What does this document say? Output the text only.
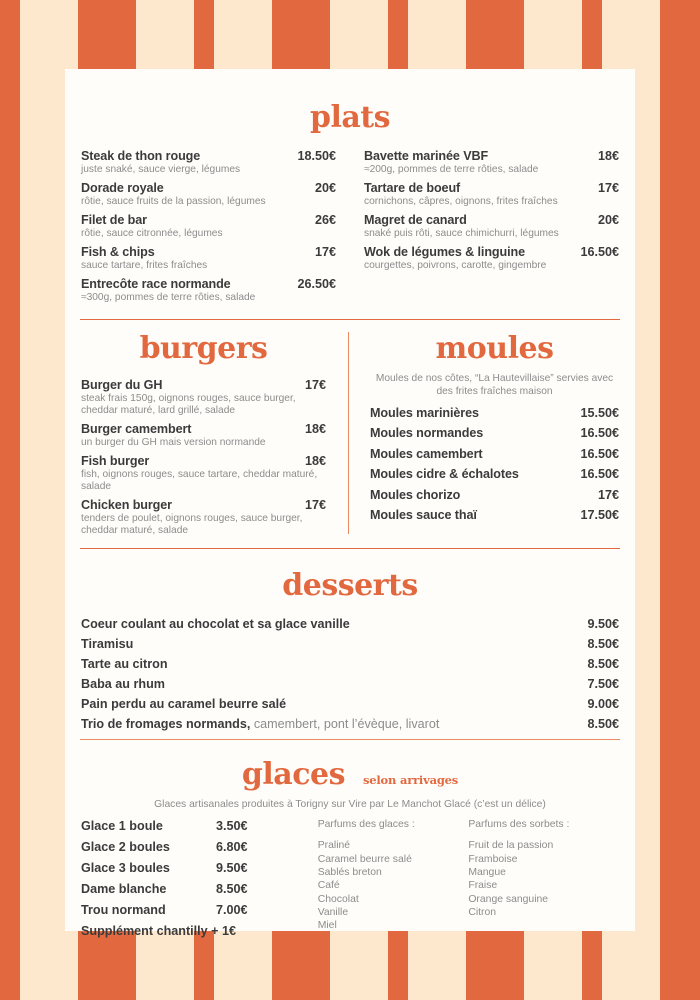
plats
Steak de thon rouge	18.50€
juste snaké, sauce vierge, légumes
Dorade royale	20€
rôtie, sauce fruits de la passion, légumes
Filet de bar	26€
rôtie, sauce citronnée, légumes
Fish & chips	17€
sauce tartare, frites fraîches
Entrecôte race normande	26.50€
≈300g, pommes de terre rôties, salade
Bavette marinée VBF	18€
≈200g, pommes de terre rôties, salade
Tartare de boeuf	17€
cornichons, câpres, oignons, frites fraîches
Magret de canard	20€
snaké puis rôti, sauce chimichurri, légumes
Wok de légumes & linguine	16.50€
courgettes, poivrons, carotte, gingembre
burgers
Burger du GH	17€
steak frais 150g, oignons rouges, sauce burger, cheddar maturé, lard grillé, salade
Burger camembert	18€
un burger du GH mais version normande
Fish burger	18€
fish, oignons rouges, sauce tartare, cheddar maturé, salade
Chicken burger	17€
tenders de poulet, oignons rouges, sauce burger, cheddar maturé, salade
moules
Moules de nos côtes, “La Hautevillaise” servies avec des frites fraîches maison
Moules marinières	15.50€
Moules normandes	16.50€
Moules camembert	16.50€
Moules cidre & échalotes	16.50€
Moules chorizo	17€
Moules sauce thaï	17.50€
desserts
Coeur coulant au chocolat et sa glace vanille	9.50€
Tiramisu	8.50€
Tarte au citron	8.50€
Baba au rhum	7.50€
Pain perdu au caramel beurre salé	9.00€
Trio de fromages normands, camembert, pont l’évèque, livarot	8.50€
glaces selon arrivages
Glaces artisanales produites à Torigny sur Vire par Le Manchot Glacé (c’est un délice)
Glace 1 boule	3.50€
Glace 2 boules	6.80€
Glace 3 boules	9.50€
Dame blanche	8.50€
Trou normand	7.00€
Supplément chantilly + 1€
Parfums des glaces :
Praliné
Caramel beurre salé
Sablés breton
Café
Chocolat
Vanille
Miel
Parfums des sorbets :
Fruit de la passion
Framboise
Mangue
Fraise
Orange sanguine
Citron
